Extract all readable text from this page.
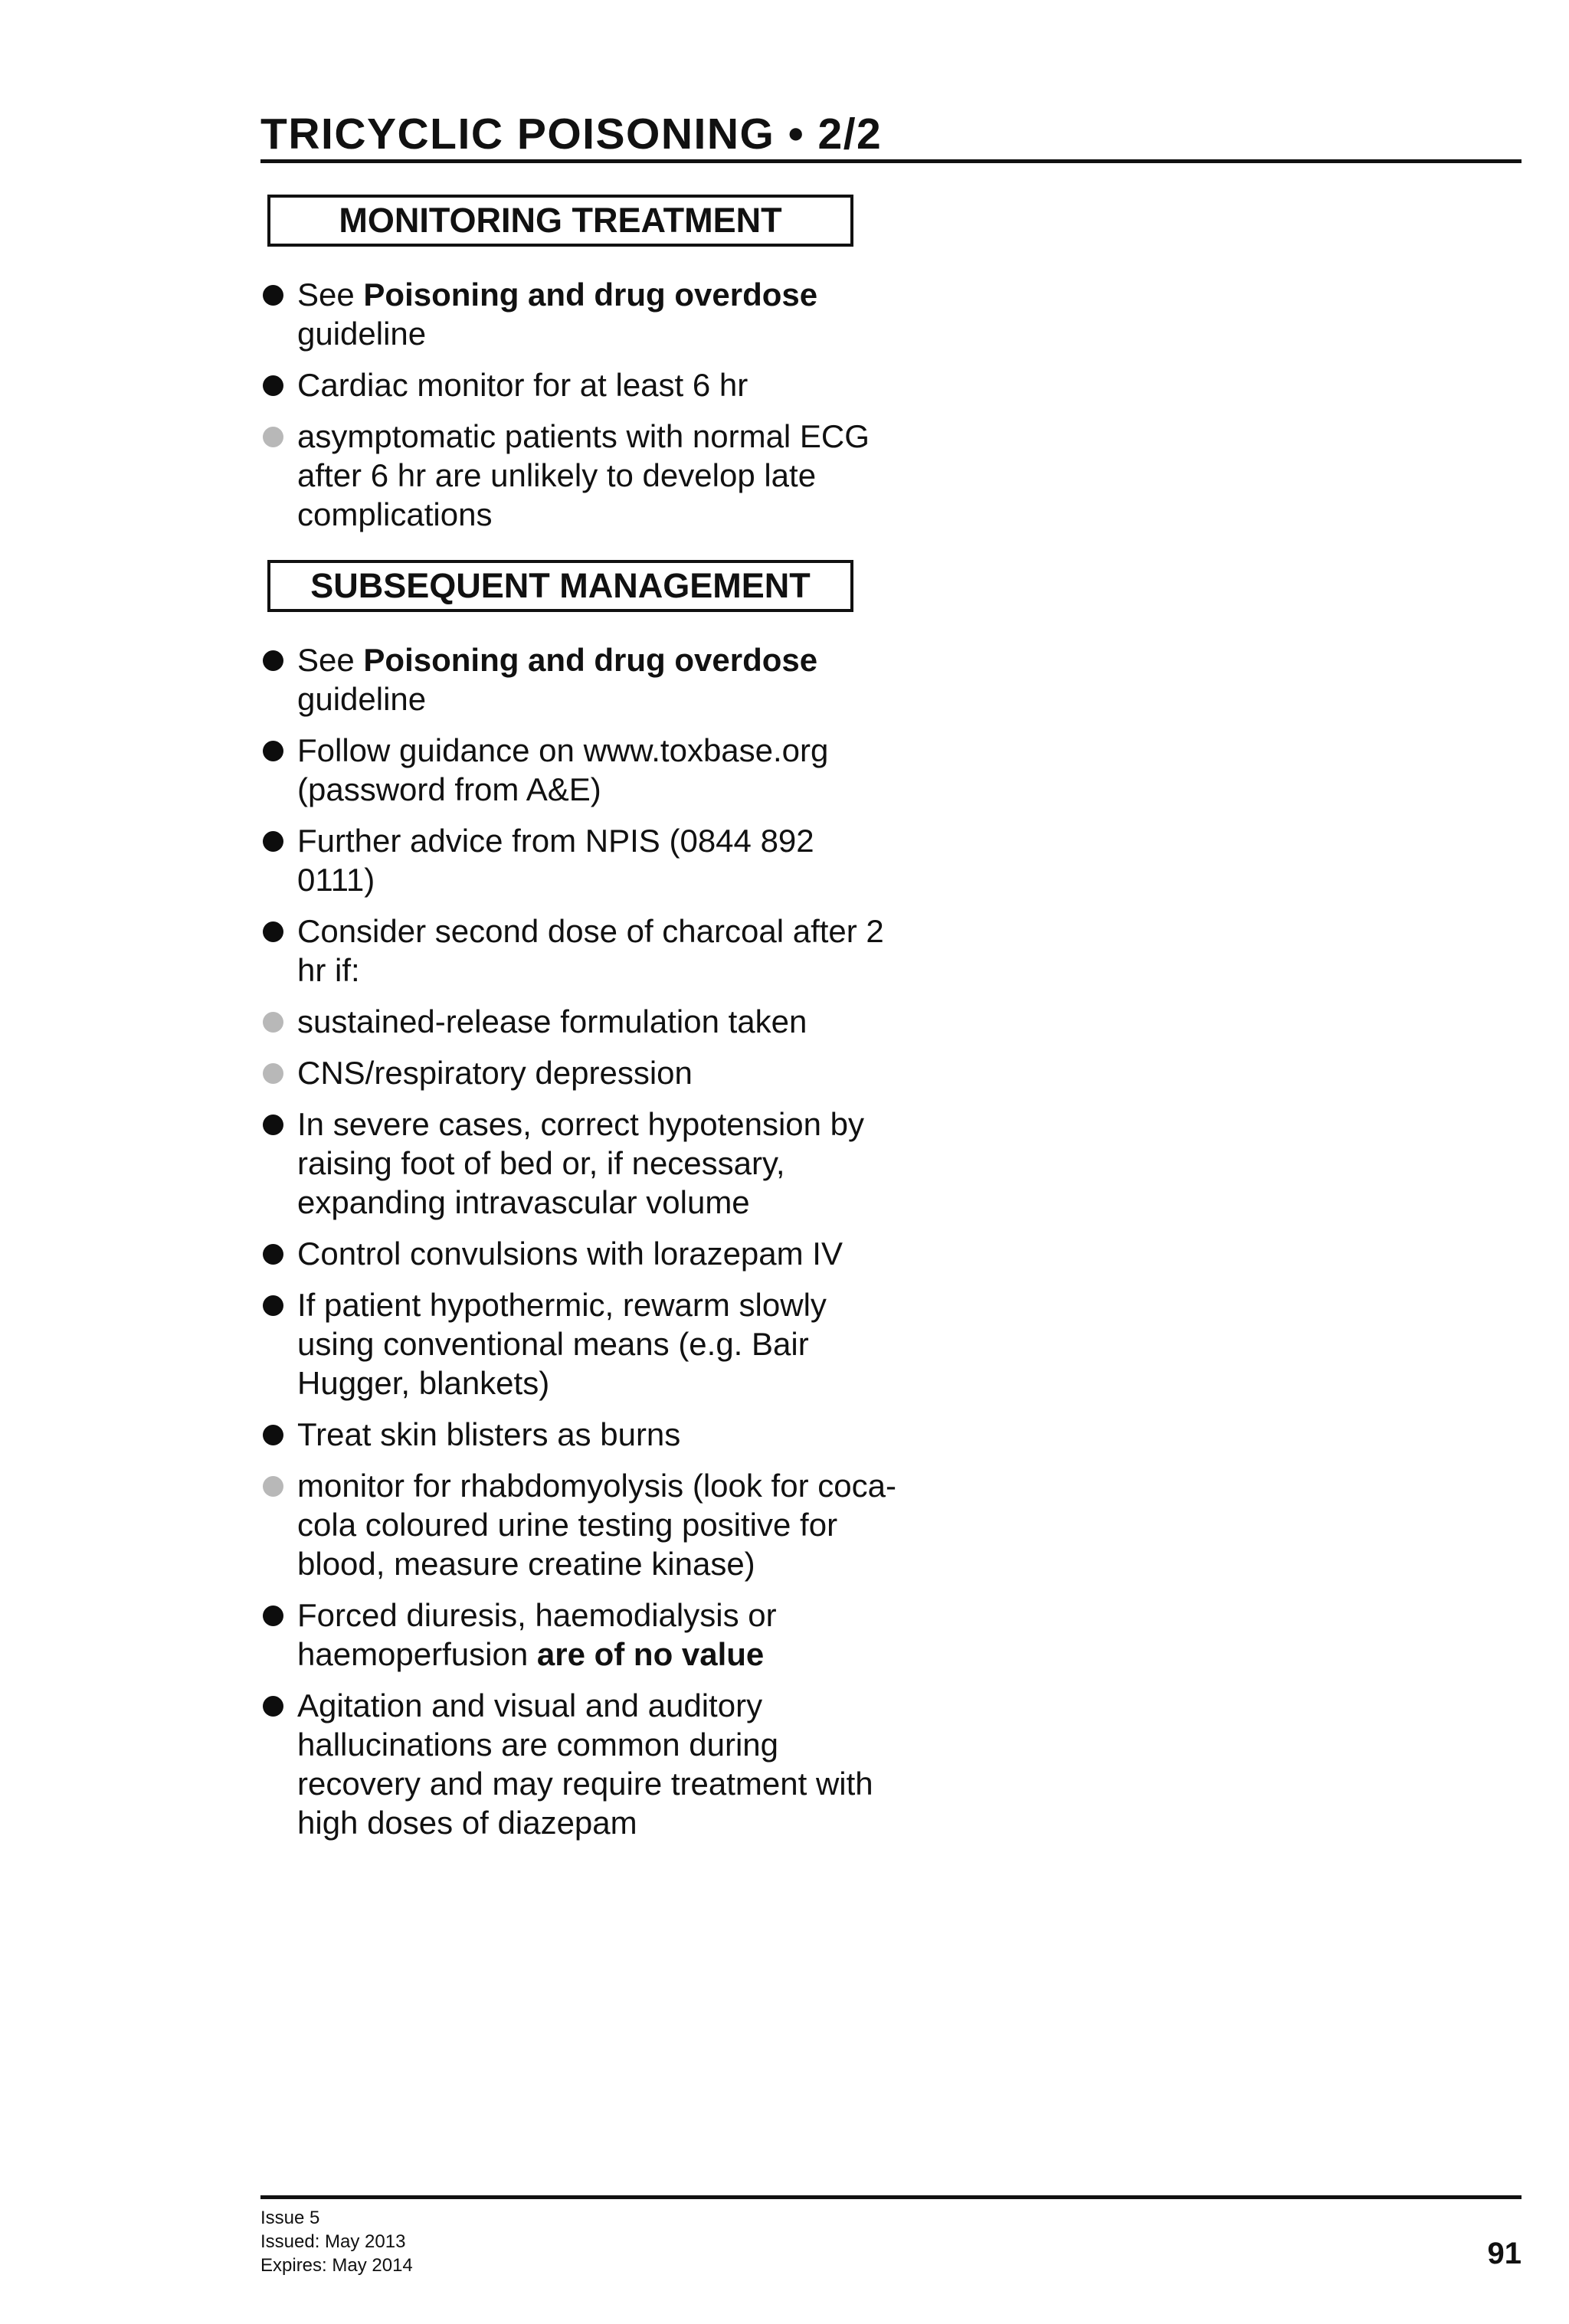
TRICYCLIC POISONING • 2/2
MONITORING TREATMENT
See Poisoning and drug overdose guideline
Cardiac monitor for at least 6 hr
asymptomatic patients with normal ECG after 6 hr are unlikely to develop late complications
SUBSEQUENT MANAGEMENT
See Poisoning and drug overdose guideline
Follow guidance on www.toxbase.org (password from A&E)
Further advice from NPIS (0844 892 0111)
Consider second dose of charcoal after 2 hr if:
sustained-release formulation taken
CNS/respiratory depression
In severe cases, correct hypotension by raising foot of bed or, if necessary, expanding intravascular volume
Control convulsions with lorazepam IV
If patient hypothermic, rewarm slowly using conventional means (e.g. Bair Hugger, blankets)
Treat skin blisters as burns
monitor for rhabdomyolysis (look for coca-cola coloured urine testing positive for blood, measure creatine kinase)
Forced diuresis, haemodialysis or haemoperfusion are of no value
Agitation and visual and auditory hallucinations are common during recovery and may require treatment with high doses of diazepam
Issue 5
Issued: May 2013
Expires: May 2014	91
